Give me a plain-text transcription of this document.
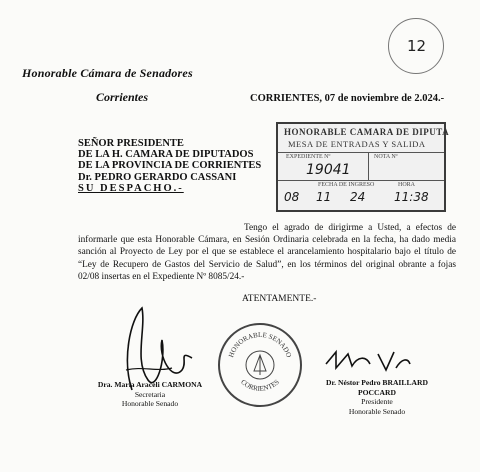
12
Honorable Cámara de Senadores
Corrientes	CORRIENTES, 07 de noviembre de 2.024.-
HONORABLE CAMARA DE DIPUTA
MESA DE ENTRADAS Y SALIDA
EXPEDIENTE Nº	NOTA Nº
19041
FECHA DE INGRESO	HORA
08 11 24 11:38
SEÑOR PRESIDENTE
DE LA H. CAMARA DE DIPUTADOS
DE LA PROVINCIA DE CORRIENTES
Dr. PEDRO GERARDO CASSANI
SU DESPACHO.-

Tengo el agrado de dirigirme a Usted, a efectos de informarle que esta Honorable Cámara, en Sesión Ordinaria celebrada en la fecha, ha dado media sanción al Proyecto de Ley por el que se establece el arancelamiento hospitalario bajo el título de “Ley de Recupero de Gastos del Servicio de Salud”, en los términos del original obrante a fojas 02/08 insertas en el Expediente Nº 8085/24.-

ATENTAMENTE.-
HONORABLE SENADO
CORRIENTES
Dra. María Araceli CARMONA
Secretaria
Honorable Senado
Dr. Néstor Pedro BRAILLARD POCCARD
Presidente
Honorable Senado
